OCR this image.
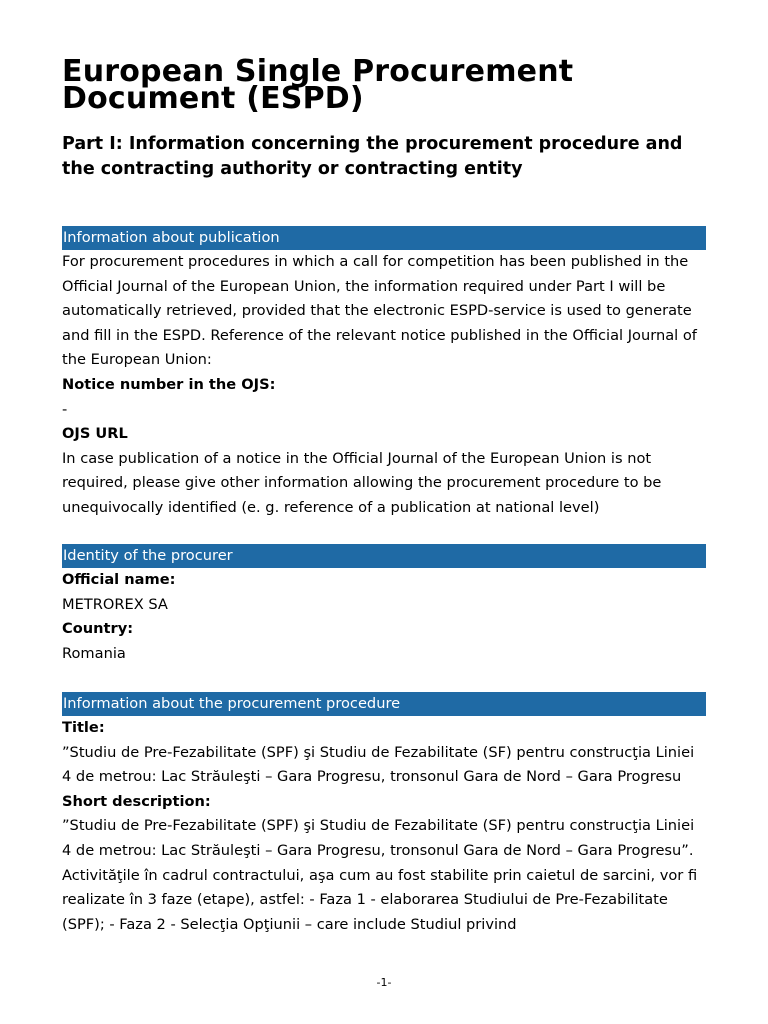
European Single Procurement Document (ESPD)
Part I: Information concerning the procurement procedure and the contracting authority or contracting entity
Information about publication

For procurement procedures in which a call for competition has been published in the Official Journal of the European Union, the information required under Part I will be automatically retrieved, provided that the electronic ESPD-service is used to generate and fill in the ESPD. Reference of the relevant notice published in the Official Journal of the European Union:

Notice number in the OJS:

-

OJS URL

In case publication of a notice in the Official Journal of the European Union is not required, please give other information allowing the procurement procedure to be unequivocally identified (e. g. reference of a publication at national level)

Identity of the procurer

Official name:

METROREX SA

Country:

Romania

Information about the procurement procedure

Title:

”Studiu de Pre-Fezabilitate (SPF) şi Studiu de Fezabilitate (SF) pentru construcţia Liniei 4 de metrou: Lac Străuleşti – Gara Progresu, tronsonul Gara de Nord – Gara Progresu

Short description:

”Studiu de Pre-Fezabilitate (SPF) şi Studiu de Fezabilitate (SF) pentru construcţia Liniei 4 de metrou: Lac Străuleşti – Gara Progresu, tronsonul Gara de Nord – Gara Progresu”. Activităţile în cadrul contractului, aşa cum au fost stabilite prin caietul de sarcini, vor fi realizate în 3 faze (etape), astfel: - Faza 1 - elaborarea Studiului de Pre-Fezabilitate (SPF); - Faza 2 - Selecţia Opţiunii – care include Studiul privind

-1-
